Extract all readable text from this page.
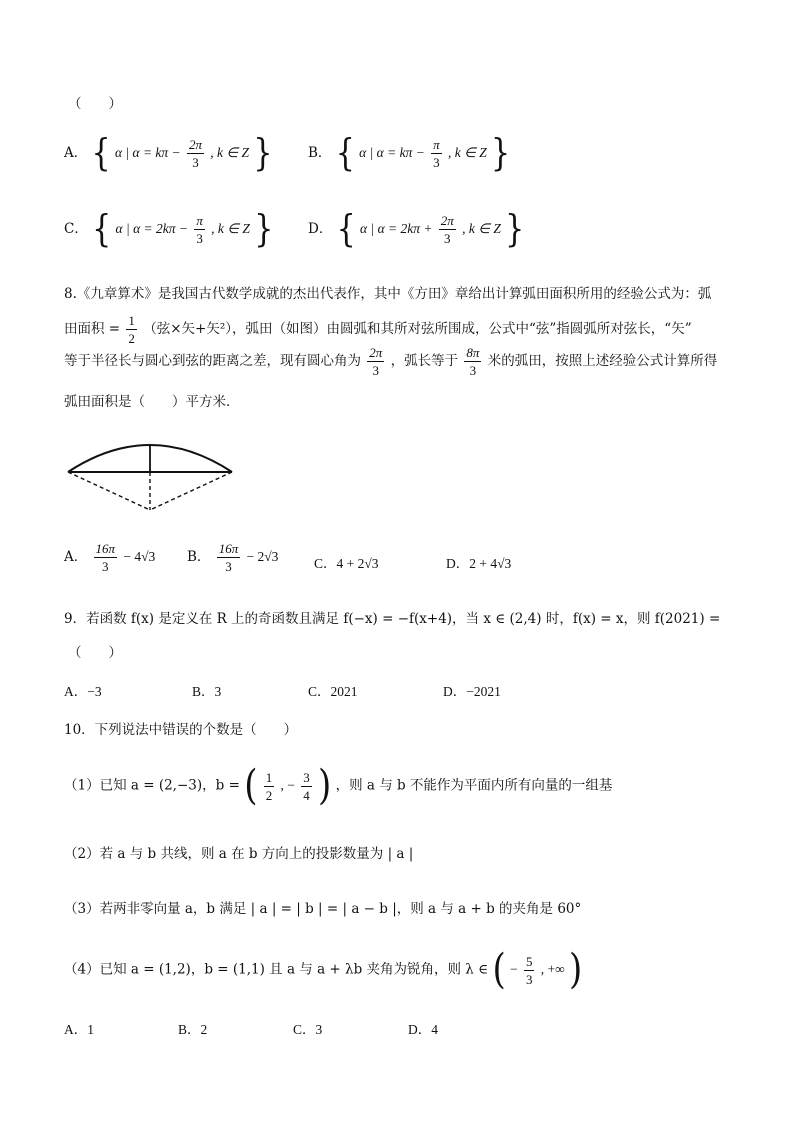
（　　）
A． { α | $\alpha = k\pi - \frac{2\pi}{3}$ , k ∈ Z }	B． { α | $\alpha = k\pi - \frac{\pi}{3}$ , k ∈ Z }
C． { α | $\alpha = 2k\pi - \frac{\pi}{3}$ , k ∈ Z }	D． { α | $\alpha = 2k\pi + \frac{2\pi}{3}$ , k ∈ Z }
8.《九章算术》是我国古代数学成就的杰出代表作，其中《方田》章给出计算弧田面积所用的经验公式为：弧
田面积 = $\frac{1}{2}$ （弦×矢+矢²），弧田（如图）由圆弧和其所对弦所围成，公式中“弦”指圆弧所对弦长，“矢”
等于半径长与圆心到弦的距离之差，现有圆心角为 $\frac{2\pi}{3}$ ，弧长等于 $\frac{8\pi}{3}$ 米的弧田，按照上述经验公式计算所得
弧田面积是（　　）平方米．
A． $\frac{16\pi}{3} - 4√3$ B． $\frac{16\pi}{3} - 2√3$	C．4 + 2√3	D．2 + 4√3
9．若函数 f(x) 是定义在 R 上的奇函数且满足 f(−x) = −f(x+4)，当 x ∈ (2,4) 时，f(x) = x，则 f(2021) =
（　　）
A．−3	B．3	C．2021	D．−2021
10．下列说法中错误的个数是（　　）
（1）已知 a = (2,−3)，b = ( $\frac{1}{2}$ , − $\frac{3}{4}$ ) ，则 a 与 b 不能作为平面内所有向量的一组基
（2）若 a 与 b 共线，则 a 在 b 方向上的投影数量为 | a |
（3）若两非零向量 a，b 满足 | a | = | b | = | a − b |，则 a 与 a + b 的夹角是 60°
（4）已知 a = (1,2)，b = (1,1) 且 a 与 a + λb 夹角为锐角，则 λ ∈ ( − $\frac{5}{3}$ , +∞ )
A．1	B．2	C．3	D．4
